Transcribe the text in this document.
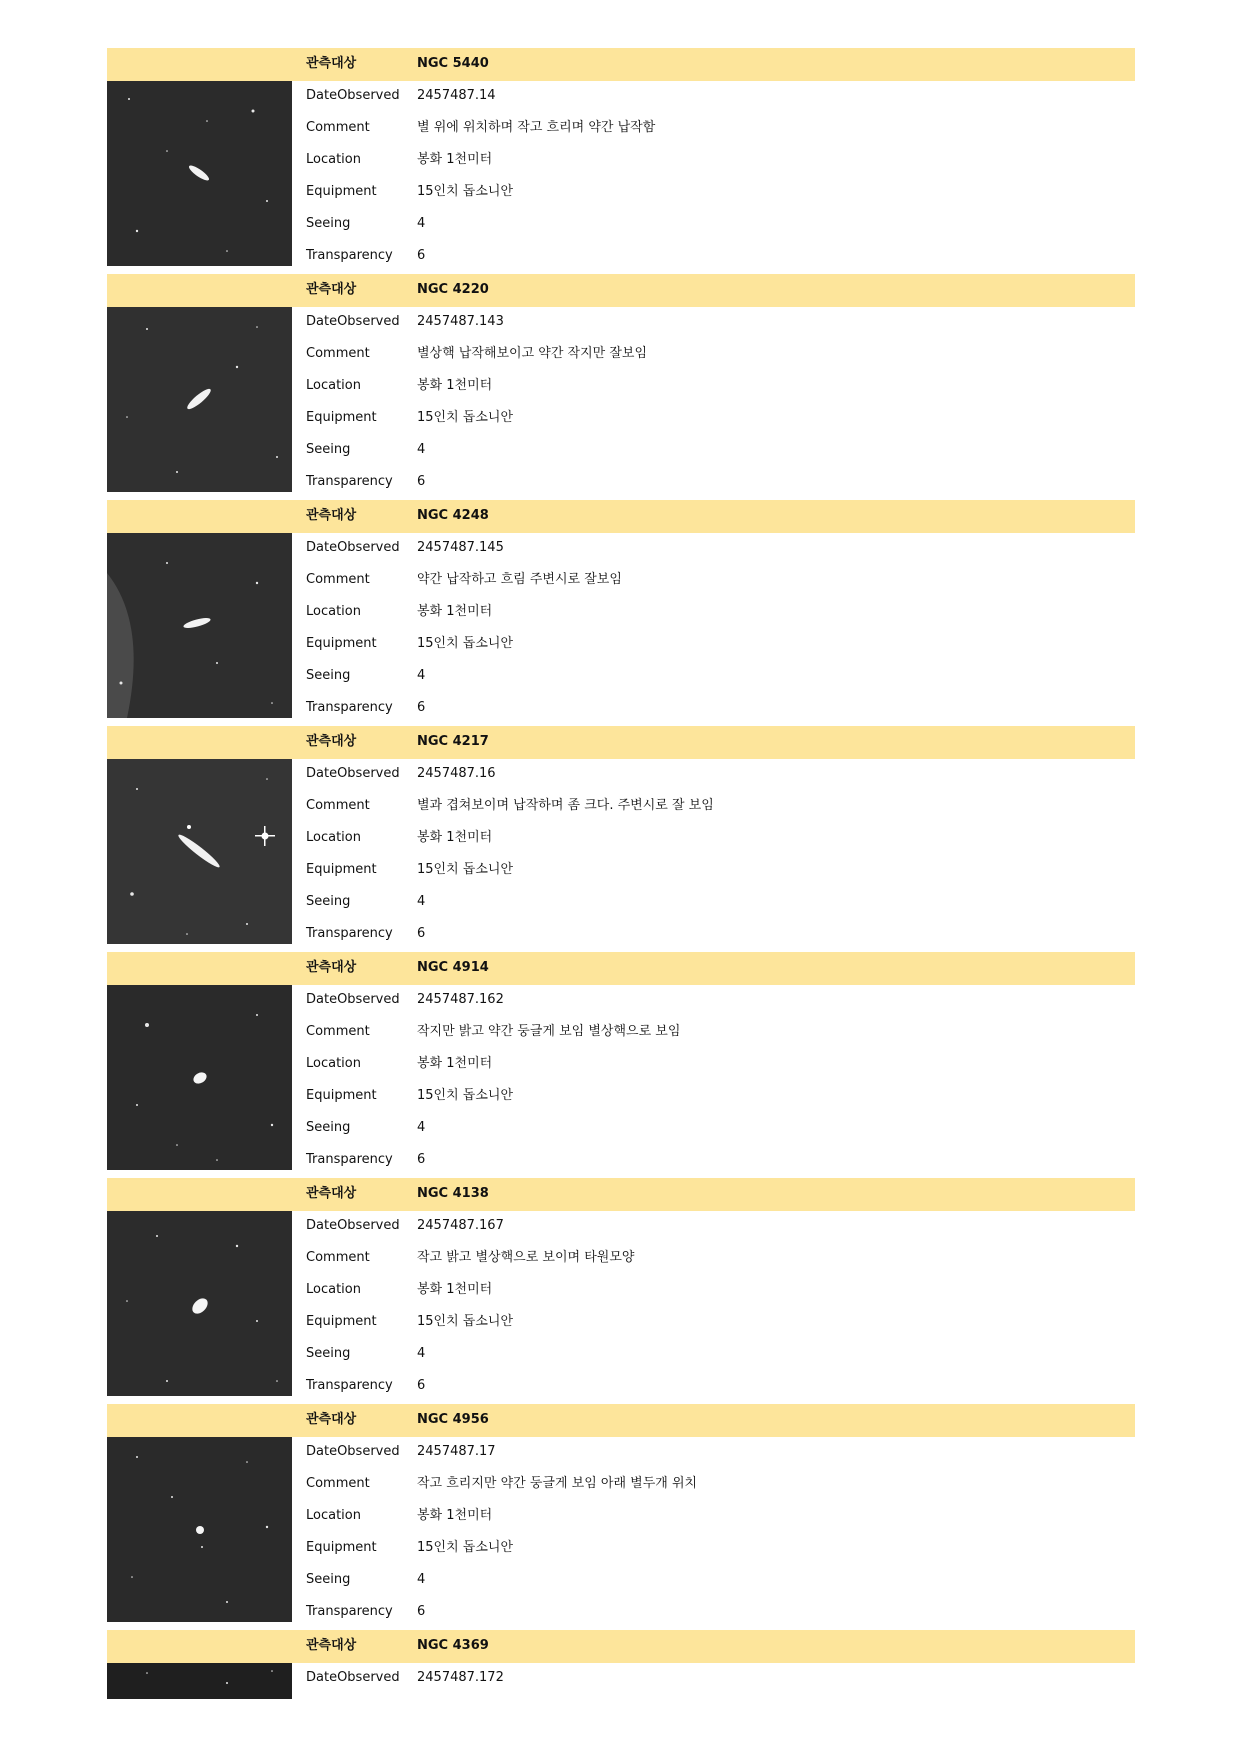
관측대상	NGC 5440
DateObserved 2457487.14
Comment	별 위에 위치하며 작고 흐리며 약간 납작함
Location	봉화 1천미터
Equipment	15인치 돕소니안
Seeing	4
Transparency 6
관측대상	NGC 4220
DateObserved 2457487.143
Comment	별상핵 납작해보이고 약간 작지만 잘보임
Location	봉화 1천미터
Equipment	15인치 돕소니안
Seeing	4
Transparency 6
관측대상	NGC 4248
DateObserved 2457487.145
Comment	약간 납작하고 흐림 주변시로 잘보임
Location	봉화 1천미터
Equipment	15인치 돕소니안
Seeing	4
Transparency 6
관측대상	NGC 4217
DateObserved 2457487.16
Comment	별과 겹쳐보이며 납작하며 좀 크다. 주변시로 잘 보임
Location	봉화 1천미터
Equipment	15인치 돕소니안
Seeing	4
Transparency 6
관측대상	NGC 4914
DateObserved 2457487.162
Comment	작지만 밝고 약간 둥글게 보임 별상핵으로 보임
Location	봉화 1천미터
Equipment	15인치 돕소니안
Seeing	4
Transparency 6
관측대상	NGC 4138
DateObserved 2457487.167
Comment	작고 밝고 별상핵으로 보이며 타원모양
Location	봉화 1천미터
Equipment	15인치 돕소니안
Seeing	4
Transparency 6
관측대상	NGC 4956
DateObserved 2457487.17
Comment	작고 흐리지만 약간 둥글게 보임 아래 별두개 위치
Location	봉화 1천미터
Equipment	15인치 돕소니안
Seeing	4
Transparency 6
관측대상	NGC 4369
DateObserved 2457487.172
